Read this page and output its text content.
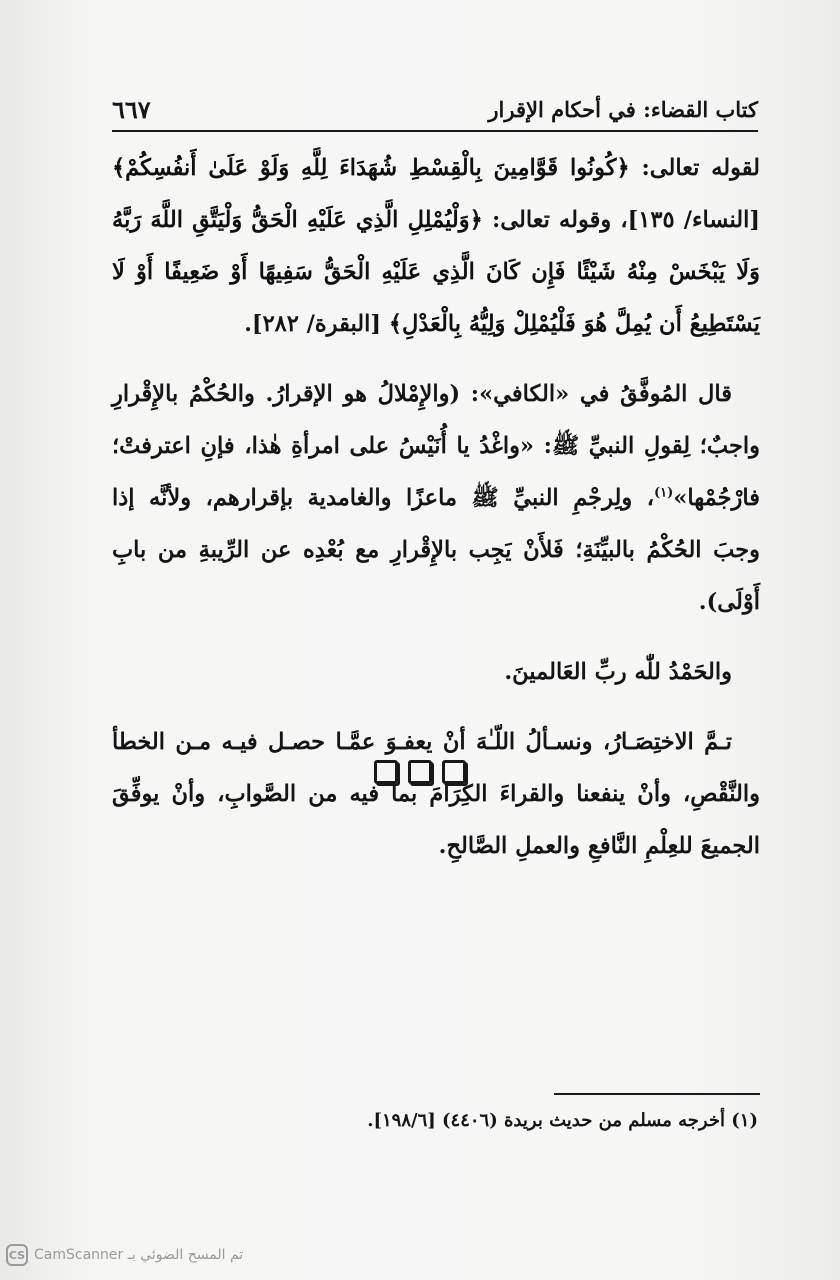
كتاب القضاء: في أحكام الإقرار
٦٦٧

لقوله تعالى: ﴿كُونُوا قَوَّامِينَ بِالْقِسْطِ شُهَدَاءَ لِلَّهِ وَلَوْ عَلَىٰ أَنفُسِكُمْ﴾ [النساء/ ١٣٥]، وقوله تعالى: ﴿وَلْيُمْلِلِ الَّذِي عَلَيْهِ الْحَقُّ وَلْيَتَّقِ اللَّهَ رَبَّهُ وَلَا يَبْخَسْ مِنْهُ شَيْئًا فَإِن كَانَ الَّذِي عَلَيْهِ الْحَقُّ سَفِيهًا أَوْ ضَعِيفًا أَوْ لَا يَسْتَطِيعُ أَن يُمِلَّ هُوَ فَلْيُمْلِلْ وَلِيُّهُ بِالْعَدْلِ﴾ [البقرة/ ٢٨٢].

قال المُوفَّقُ في «الكافي»: (والإِمْلالُ هو الإقرارُ. والحُكْمُ بالإِقْرارِ واجبٌ؛ لِقولِ النبيِّ ﷺ: «واغْدُ يا أُنَيْسُ على امرأةِ هٰذا، فإنِ اعترفتْ؛ فارْجُمْها»$^{(١)}$، ولِرجْمِ النبيِّ ﷺ ماعزًا والغامدية بإقرارهم، ولأنَّه إذا وجبَ الحُكْمُ بالبيِّنَةِ؛ فَلأَنْ يَجِب بالإِقْرارِ مع بُعْدِه عن الرِّيبةِ من بابِ أَوْلَى).

والحَمْدُ للّٰه ربِّ العَالمينَ.

تـمَّ الاختِصَـارُ، ونسـألُ اللّـٰهَ أنْ يعفـوَ عمَّـا حصـل فيـه مـن الخطأ والنَّقْصِ، وأنْ ينفعنا والقراءَ الكِرَامَ بما فيه من الصَّوابِ، وأنْ يوفِّقَ الجميعَ للعِلْمِ النَّافعِ والعملِ الصَّالحِ.

(١) أخرجه مسلم من حديث بريدة (٤٤٠٦) [١٩٨/٦].
CS CamScanner تم المسح الضوئي بـ
